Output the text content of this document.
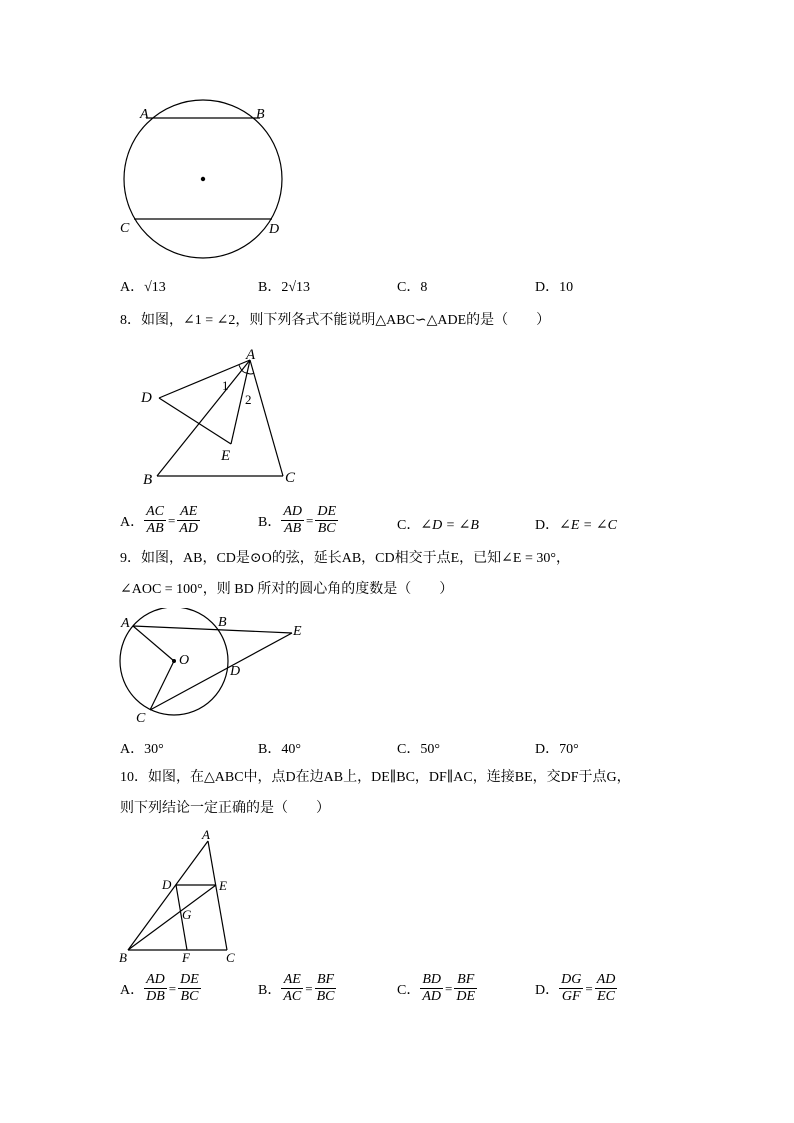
A	B
C	D
A．√13	B．2√13	C．8	D．10
8．如图，∠1 = ∠2，则下列各式不能说明△ABC∽△ADE的是（　　）
A
D
1
2
E
B	C
A． $\frac{AC}{AB} = \frac{AE}{AD}$	B． $\frac{AD}{AB} = \frac{DE}{BC}$	C．∠D = ∠B	D．∠E = ∠C
9．如图，AB，CD是⊙O的弦，延长AB，CD相交于点E，已知∠E = 30°，
∠AOC = 100°，则 BD 所对的圆心角的度数是（　　）
A	B
E
O
D
C
A．30°	B．40°	C．50°	D．70°
10．如图，在△ABC中，点D在边AB上，DE∥BC，DF∥AC，连接BE，交DF于点G，
则下列结论一定正确的是（　　）
A
D	E
G
B	F	C
A． $\frac{AD}{DB} = \frac{DE}{BC}$	B． $\frac{AE}{AC} = \frac{BF}{BC}$	C． $\frac{BD}{AD} = \frac{BF}{DE}$	D． $\frac{DG}{GF} = \frac{AD}{EC}$
